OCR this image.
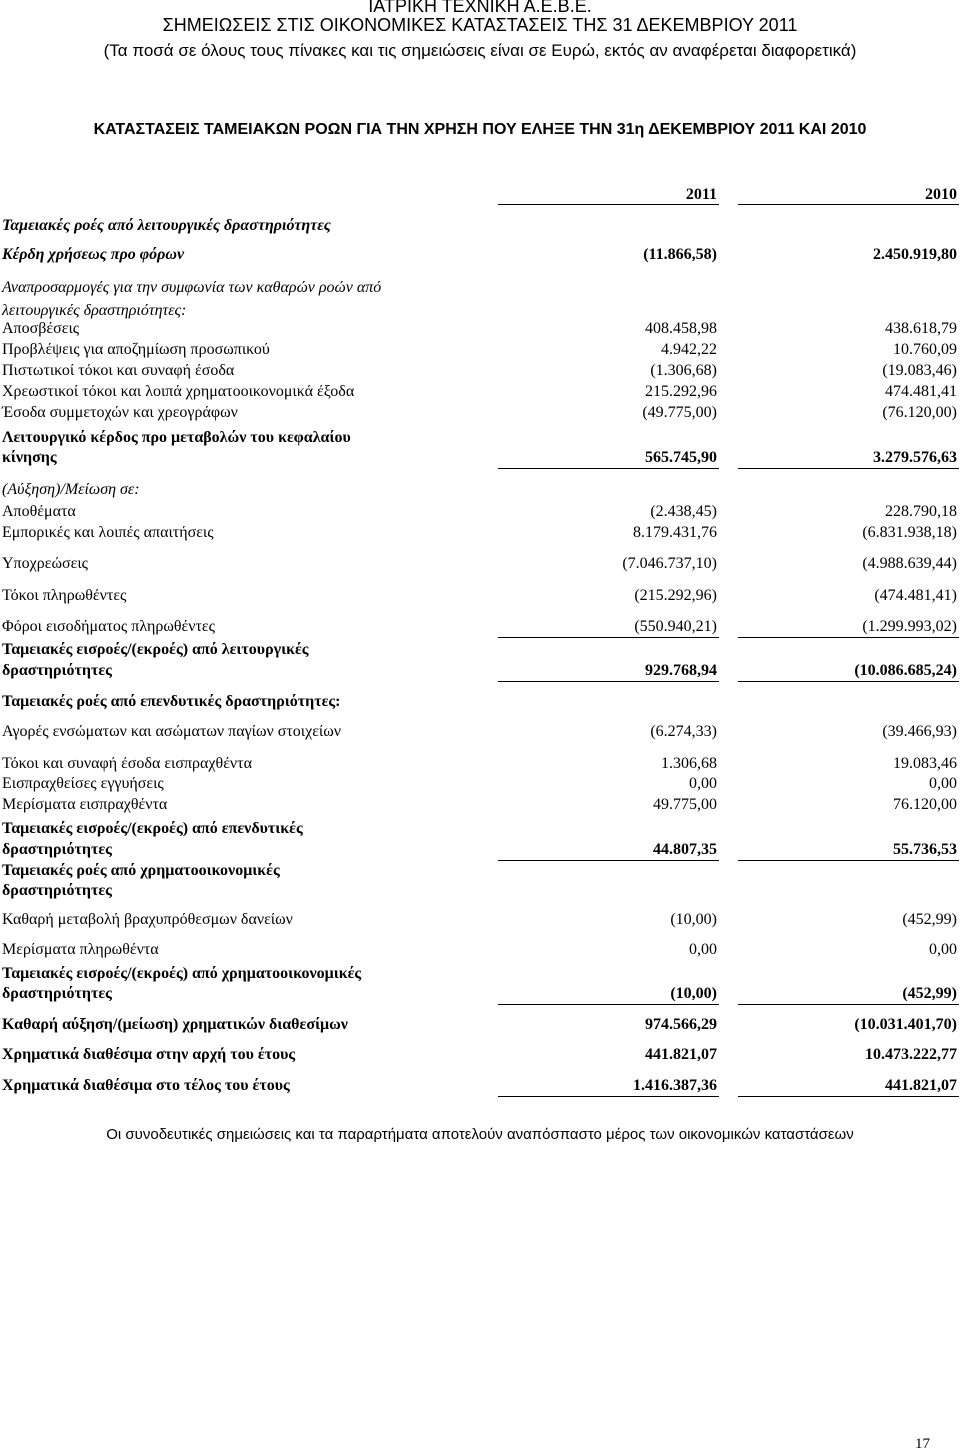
ΙΑΤΡΙΚΗ ΤΕΧΝΙΚΗ Α.Ε.Β.Ε.
ΣΗΜΕΙΩΣΕΙΣ ΣΤΙΣ ΟΙΚΟΝΟΜΙΚΕΣ ΚΑΤΑΣΤΑΣΕΙΣ ΤΗΣ 31 ΔΕΚΕΜΒΡΙΟΥ 2011
(Τα ποσά σε όλους τους πίνακες και τις σημειώσεις είναι σε Ευρώ, εκτός αν αναφέρεται διαφορετικά)
ΚΑΤΑΣΤΑΣΕΙΣ ΤΑΜΕΙΑΚΩΝ ΡΟΩΝ ΓΙΑ ΤΗΝ ΧΡΗΣΗ ΠΟΥ ΕΛΗΞΕ ΤΗΝ 31η ΔΕΚΕΜΒΡΙΟΥ 2011 ΚΑΙ 2010
2011	2010
Ταμειακές ροές από λειτουργικές δραστηριότητες
Κέρδη χρήσεως προ φόρων	(11.866,58)	2.450.919,80
Αναπροσαρμογές για την συμφωνία των καθαρών ροών από
λειτουργικές δραστηριότητες:
Αποσβέσεις	408.458,98	438.618,79
Προβλέψεις για αποζημίωση προσωπικού	4.942,22	10.760,09
Πιστωτικοί τόκοι και συναφή έσοδα	(1.306,68)	(19.083,46)
Χρεωστικοί τόκοι και λοιπά χρηματοοικονομικά έξοδα	215.292,96	474.481,41
Έσοδα συμμετοχών και χρεογράφων	(49.775,00)	(76.120,00)
Λειτουργικό κέρδος προ μεταβολών του κεφαλαίου
κίνησης	565.745,90	3.279.576,63
(Αύξηση)/Μείωση σε:
Αποθέματα	(2.438,45)	228.790,18
Εμπορικές και λοιπές απαιτήσεις	8.179.431,76	(6.831.938,18)
Υποχρεώσεις	(7.046.737,10)	(4.988.639,44)
Τόκοι πληρωθέντες	(215.292,96)	(474.481,41)
Φόροι εισοδήματος πληρωθέντες	(550.940,21)	(1.299.993,02)
Ταμειακές εισροές/(εκροές) από λειτουργικές
δραστηριότητες	929.768,94	(10.086.685,24)
Ταμειακές ροές από επενδυτικές δραστηριότητες:
Αγορές ενσώματων και ασώματων παγίων στοιχείων	(6.274,33)	(39.466,93)
Τόκοι και συναφή έσοδα εισπραχθέντα	1.306,68	19.083,46
Εισπραχθείσες εγγυήσεις	0,00	0,00
Μερίσματα εισπραχθέντα	49.775,00	76.120,00
Ταμειακές εισροές/(εκροές) από επενδυτικές
δραστηριότητες	44.807,35	55.736,53
Ταμειακές ροές από χρηματοοικονομικές
δραστηριότητες
Καθαρή μεταβολή βραχυπρόθεσμων δανείων	(10,00)	(452,99)
Μερίσματα πληρωθέντα	0,00	0,00
Ταμειακές εισροές/(εκροές) από χρηματοοικονομικές
δραστηριότητες	(10,00)	(452,99)
Καθαρή αύξηση/(μείωση) χρηματικών διαθεσίμων	974.566,29	(10.031.401,70)
Χρηματικά διαθέσιμα στην αρχή του έτους	441.821,07	10.473.222,77
Χρηματικά διαθέσιμα στο τέλος του έτους	1.416.387,36	441.821,07
Οι συνοδευτικές σημειώσεις και τα παραρτήματα αποτελούν αναπόσπαστο μέρος των οικονομικών καταστάσεων
17
